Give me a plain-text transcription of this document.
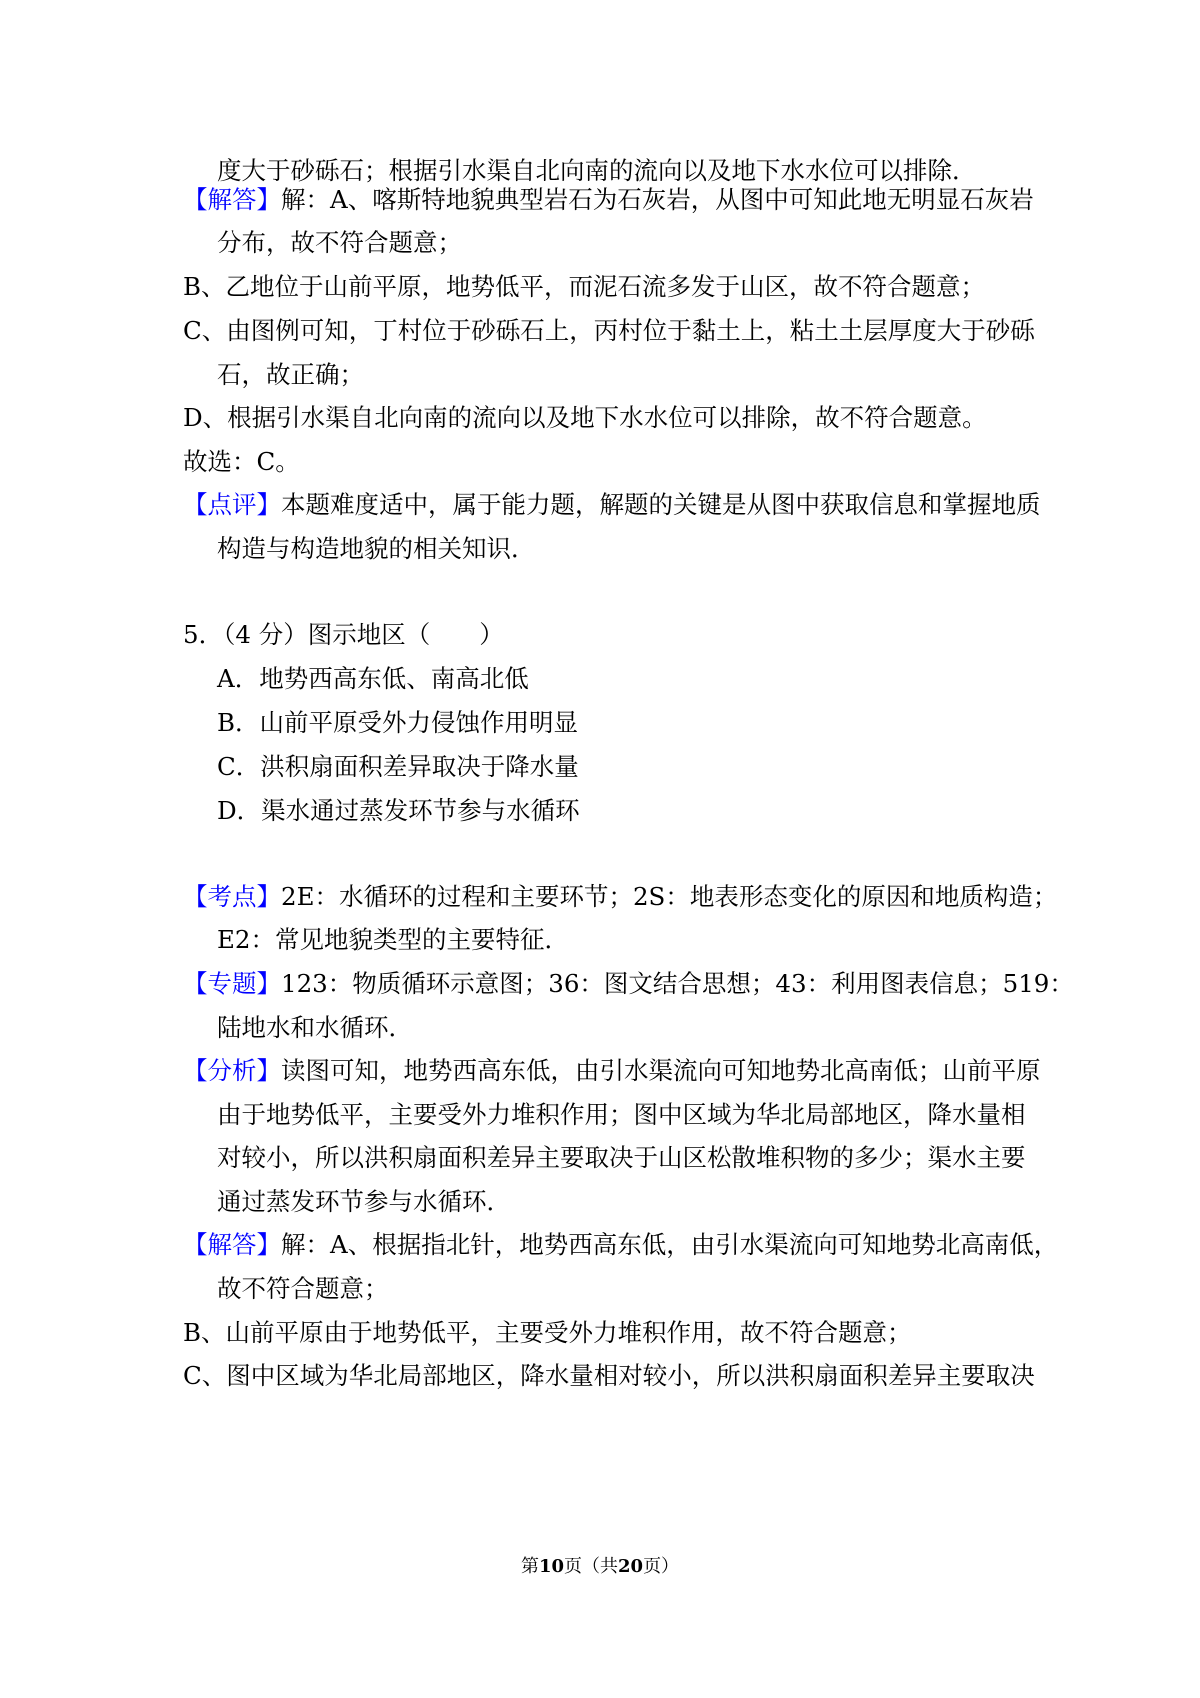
度大于砂砾石；根据引水渠自北向南的流向以及地下水水位可以排除．
【解答】解：A、喀斯特地貌典型岩石为石灰岩，从图中可知此地无明显石灰岩
分布，故不符合题意；
B、乙地位于山前平原，地势低平，而泥石流多发于山区，故不符合题意；
C、由图例可知，丁村位于砂砾石上，丙村位于黏土上，粘土土层厚度大于砂砾
石，故正确；
D、根据引水渠自北向南的流向以及地下水水位可以排除，故不符合题意。
故选：C。
【点评】本题难度适中，属于能力题，解题的关键是从图中获取信息和掌握地质
构造与构造地貌的相关知识．
5．（4 分）图示地区（　　）
A．地势西高东低、南高北低
B．山前平原受外力侵蚀作用明显
C．洪积扇面积差异取决于降水量
D．渠水通过蒸发环节参与水循环
【考点】2E：水循环的过程和主要环节；2S：地表形态变化的原因和地质构造；
E2：常见地貌类型的主要特征．
【专题】123：物质循环示意图；36：图文结合思想；43：利用图表信息；519：
陆地水和水循环．
【分析】读图可知，地势西高东低，由引水渠流向可知地势北高南低；山前平原
由于地势低平，主要受外力堆积作用；图中区域为华北局部地区，降水量相
对较小，所以洪积扇面积差异主要取决于山区松散堆积物的多少；渠水主要
通过蒸发环节参与水循环．
【解答】解：A、根据指北针，地势西高东低，由引水渠流向可知地势北高南低，
故不符合题意；
B、山前平原由于地势低平，主要受外力堆积作用，故不符合题意；
C、图中区域为华北局部地区，降水量相对较小，所以洪积扇面积差异主要取决
第10页（共20页）
